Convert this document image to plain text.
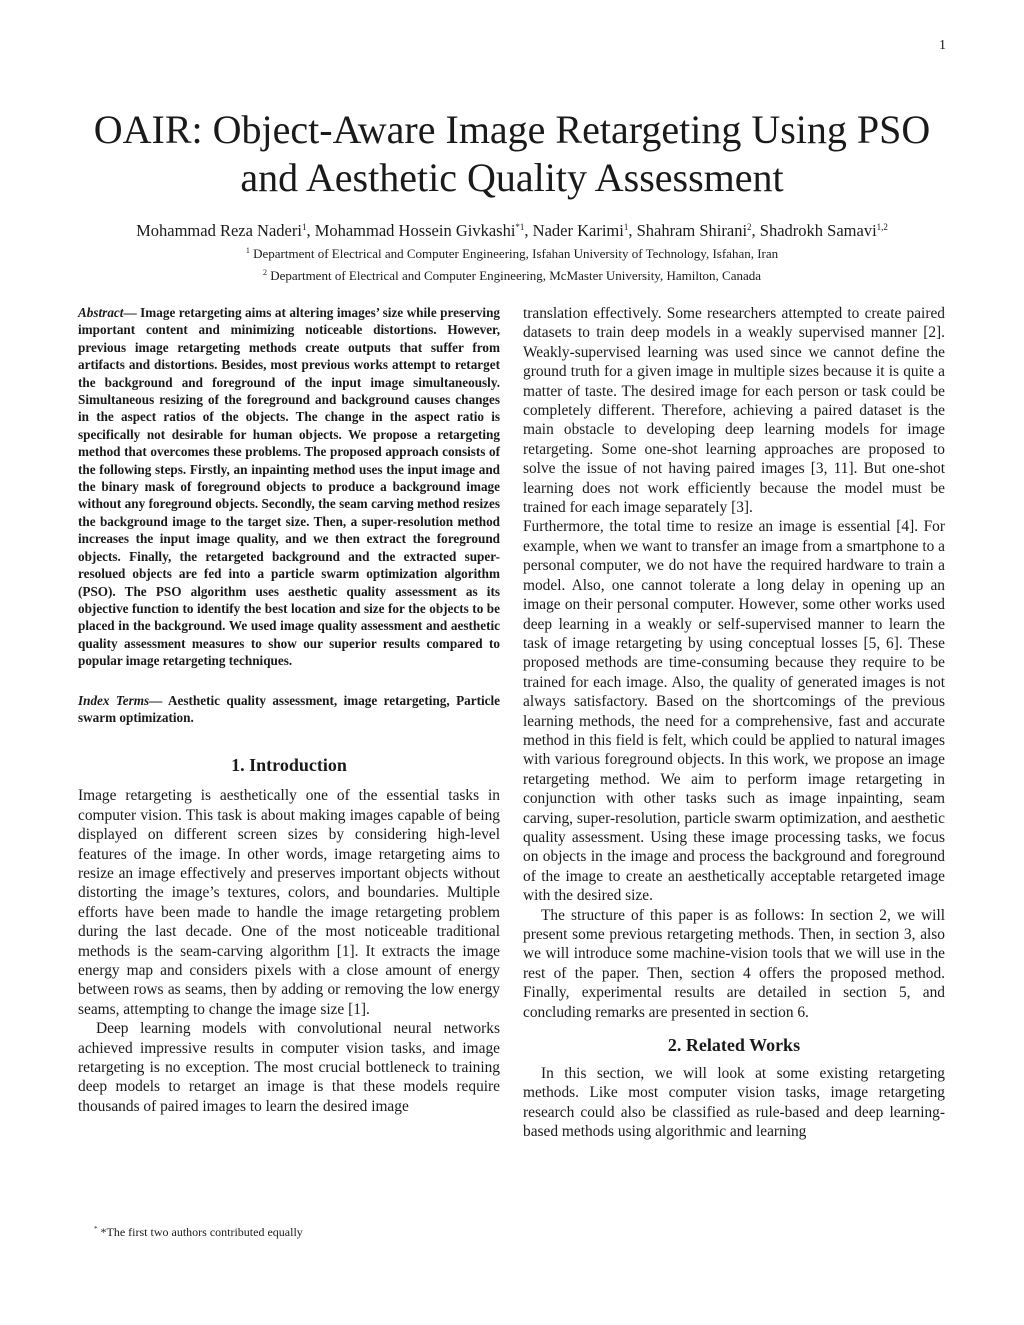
1
OAIR: Object-Aware Image Retargeting Using PSO
and Aesthetic Quality Assessment
Mohammad Reza Naderi$^1$, Mohammad Hossein Givkashi$^{*1}$, Nader Karimi$^1$, Shahram Shirani$^2$, Shadrokh Samavi$^{1,2}$
$^1$ Department of Electrical and Computer Engineering, Isfahan University of Technology, Isfahan, Iran
$^2$ Department of Electrical and Computer Engineering, McMaster University, Hamilton, Canada

Abstract— Image retargeting aims at altering images’ size while preserving important content and minimizing noticeable distortions. However, previous image retargeting methods create outputs that suffer from artifacts and distortions. Besides, most previous works attempt to retarget the background and foreground of the input image simultaneously. Simultaneous resizing of the foreground and background causes changes in the aspect ratios of the objects. The change in the aspect ratio is specifically not desirable for human objects. We propose a retargeting method that overcomes these problems. The proposed approach consists of the following steps. Firstly, an inpainting method uses the input image and the binary mask of foreground objects to produce a background image without any foreground objects. Secondly, the seam carving method resizes the background image to the target size. Then, a super-resolution method increases the input image quality, and we then extract the foreground objects. Finally, the retargeted background and the extracted super-resolued objects are fed into a particle swarm optimization algorithm (PSO). The PSO algorithm uses aesthetic quality assessment as its objective function to identify the best location and size for the objects to be placed in the background. We used image quality assessment and aesthetic quality assessment measures to show our superior results compared to popular image retargeting techniques.

Index Terms— Aesthetic quality assessment, image retargeting, Particle swarm optimization.

1. Introduction

Image retargeting is aesthetically one of the essential tasks in computer vision. This task is about making images capable of being displayed on different screen sizes by considering high-level features of the image. In other words, image retargeting aims to resize an image effectively and preserves important objects without distorting the image’s textures, colors, and boundaries. Multiple efforts have been made to handle the image retargeting problem during the last decade. One of the most noticeable traditional methods is the seam-carving algorithm [1]. It extracts the image energy map and considers pixels with a close amount of energy between rows as seams, then by adding or removing the low energy seams, attempting to change the image size [1].

Deep learning models with convolutional neural networks achieved impressive results in computer vision tasks, and image retargeting is no exception. The most crucial bottleneck to training deep models to retarget an image is that these models require thousands of paired images to learn the desired image

translation effectively. Some researchers attempted to create paired datasets to train deep models in a weakly supervised manner [2]. Weakly-supervised learning was used since we cannot define the ground truth for a given image in multiple sizes because it is quite a matter of taste. The desired image for each person or task could be completely different. Therefore, achieving a paired dataset is the main obstacle to developing deep learning models for image retargeting. Some one-shot learning approaches are proposed to solve the issue of not having paired images [3, 11]. But one-shot learning does not work efficiently because the model must be trained for each image separately [3].

Furthermore, the total time to resize an image is essential [4]. For example, when we want to transfer an image from a smartphone to a personal computer, we do not have the required hardware to train a model. Also, one cannot tolerate a long delay in opening up an image on their personal computer. However, some other works used deep learning in a weakly or self-supervised manner to learn the task of image retargeting by using conceptual losses [5, 6]. These proposed methods are time-consuming because they require to be trained for each image. Also, the quality of generated images is not always satisfactory. Based on the shortcomings of the previous learning methods, the need for a comprehensive, fast and accurate method in this field is felt, which could be applied to natural images with various foreground objects. In this work, we propose an image retargeting method. We aim to perform image retargeting in conjunction with other tasks such as image inpainting, seam carving, super-resolution, particle swarm optimization, and aesthetic quality assessment. Using these image processing tasks, we focus on objects in the image and process the background and foreground of the image to create an aesthetically acceptable retargeted image with the desired size.

The structure of this paper is as follows: In section 2, we will present some previous retargeting methods. Then, in section 3, also we will introduce some machine-vision tools that we will use in the rest of the paper. Then, section 4 offers the proposed method. Finally, experimental results are detailed in section 5, and concluding remarks are presented in section 6.

2. Related Works

In this section, we will look at some existing retargeting methods. Like most computer vision tasks, image retargeting research could also be classified as rule-based and deep learning-based methods using algorithmic and learning

* *The first two authors contributed equally
